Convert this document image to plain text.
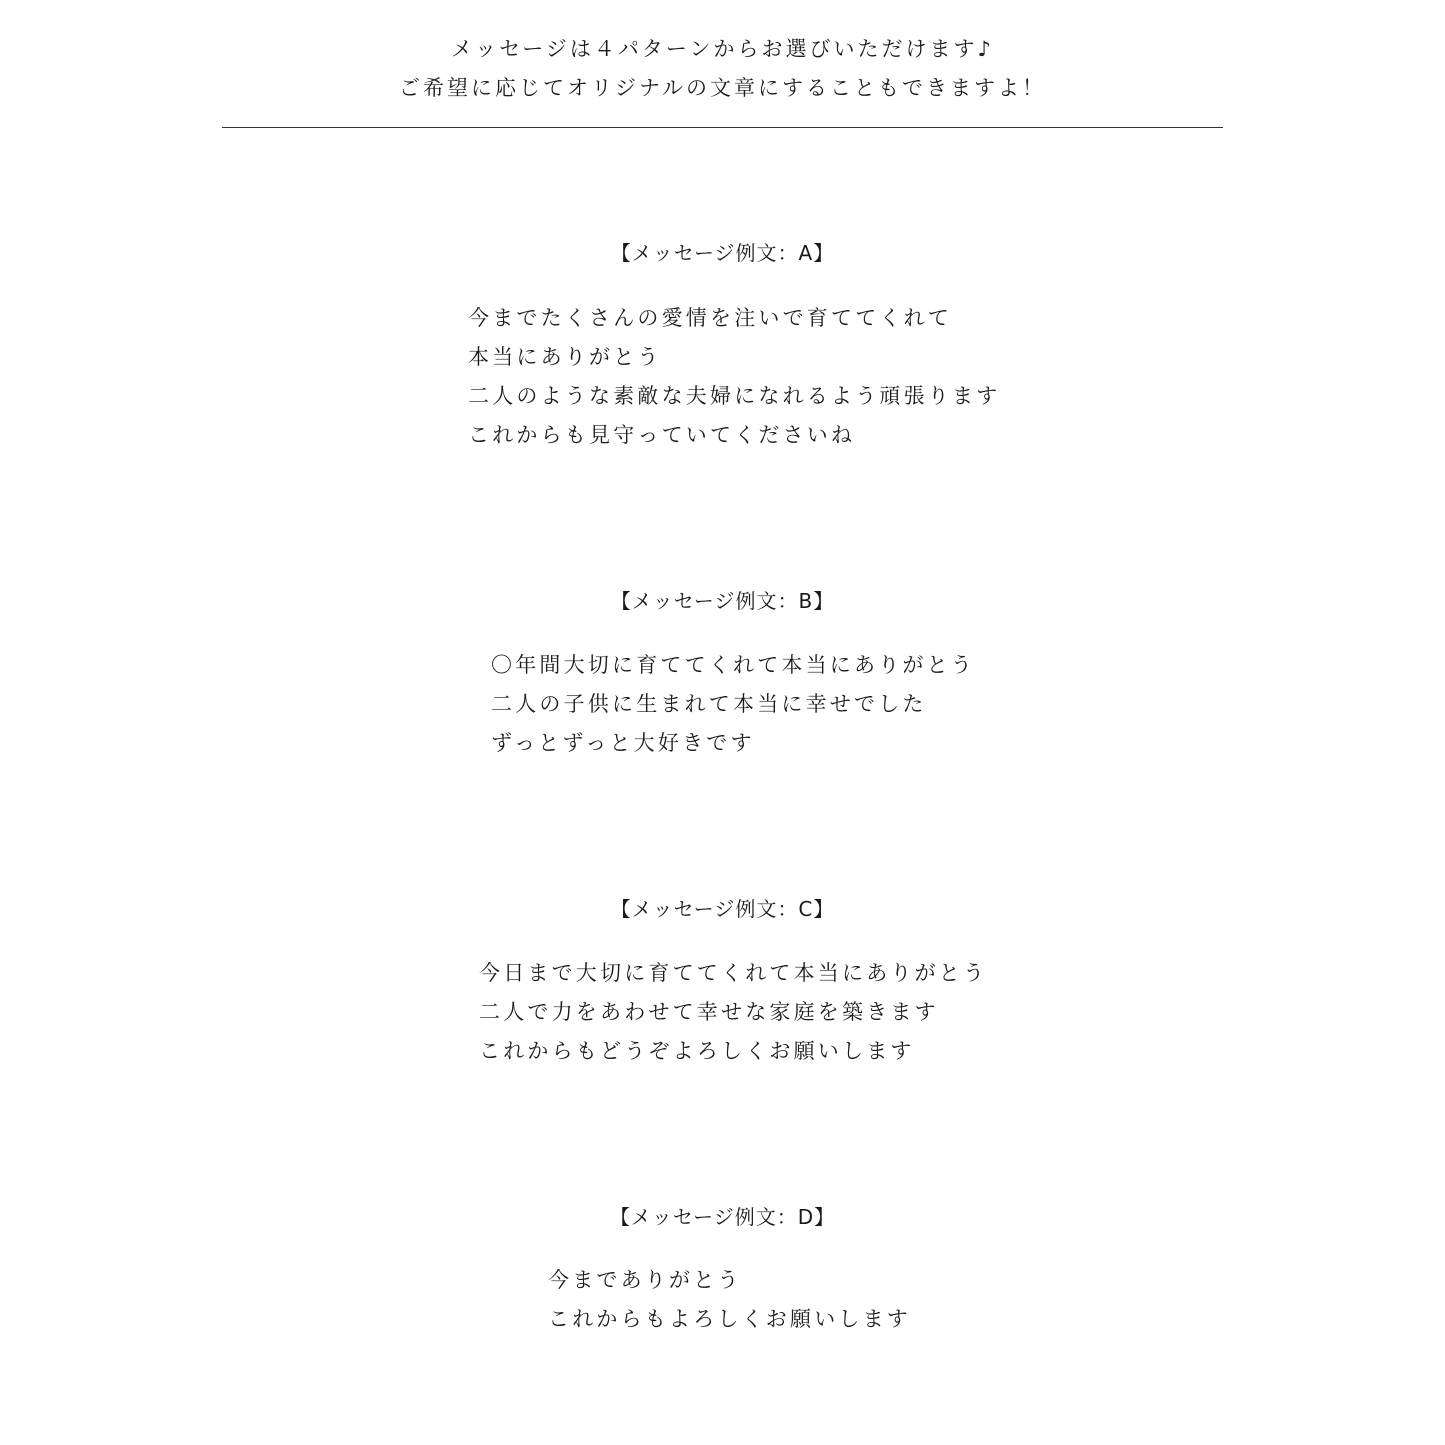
メッセージは４パターンからお選びいただけます♪
ご希望に応じてオリジナルの文章にすることもできますよ！
【メッセージ例文：A】
今までたくさんの愛情を注いで育ててくれて
本当にありがとう
二人のような素敵な夫婦になれるよう頑張ります
これからも見守っていてくださいね
【メッセージ例文：B】
〇年間大切に育ててくれて本当にありがとう
二人の子供に生まれて本当に幸せでした
ずっとずっと大好きです
【メッセージ例文：C】
今日まで大切に育ててくれて本当にありがとう
二人で力をあわせて幸せな家庭を築きます
これからもどうぞよろしくお願いします
【メッセージ例文：D】
今までありがとう
これからもよろしくお願いします
